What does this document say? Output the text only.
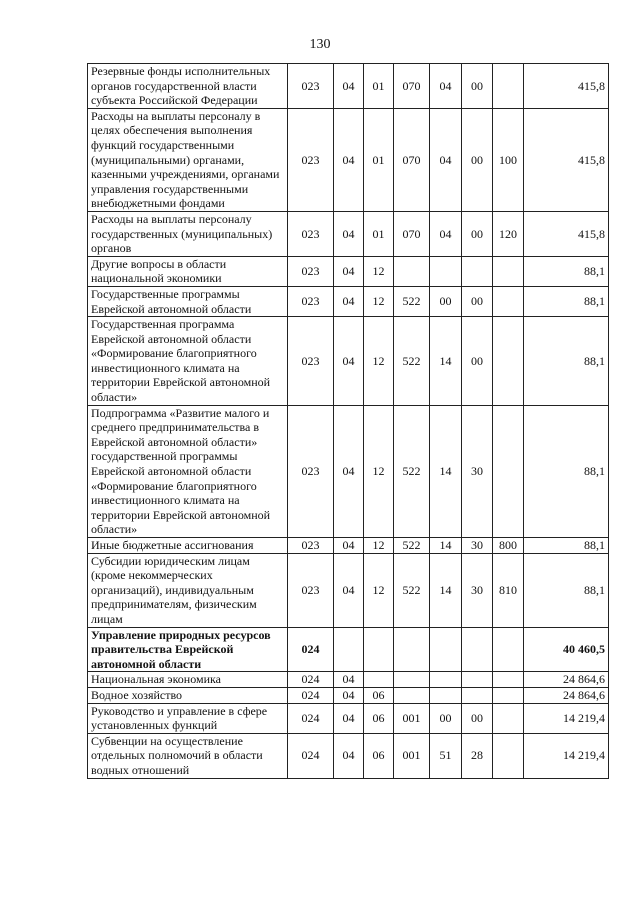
130
Резервные фонды исполнительных органов государственной власти субъекта Российской Федерации	023	04	01	070	04	00		415,8
Расходы на выплаты персоналу в целях обеспечения выполнения функций государственными (муниципальными) органами, казенными учреждениями, органами управления государственными внебюджетными фондами	023	04	01	070	04	00	100	415,8
Расходы на выплаты персоналу государственных (муниципальных) органов	023	04	01	070	04	00	120	415,8
Другие вопросы в области национальной экономики	023	04	12					88,1
Государственные программы Еврейской автономной области	023	04	12	522	00	00		88,1
Государственная программа Еврейской автономной области «Формирование благоприятного инвестиционного климата на территории Еврейской автономной области»	023	04	12	522	14	00		88,1
Подпрограмма «Развитие малого и среднего предпринимательства в Еврейской автономной области» государственной программы Еврейской автономной области «Формирование благоприятного инвестиционного климата на территории Еврейской автономной области»	023	04	12	522	14	30		88,1
Иные бюджетные ассигнования	023	04	12	522	14	30	800	88,1
Субсидии юридическим лицам (кроме некоммерческих организаций), индивидуальным предпринимателям, физическим лицам	023	04	12	522	14	30	810	88,1
Управление природных ресурсов правительства Еврейской автономной области	024							40 460,5
Национальная экономика	024	04						24 864,6
Водное хозяйство	024	04	06					24 864,6
Руководство и управление в сфере установленных функций	024	04	06	001	00	00		14 219,4
Субвенции на осуществление отдельных полномочий в области водных отношений	024	04	06	001	51	28		14 219,4
